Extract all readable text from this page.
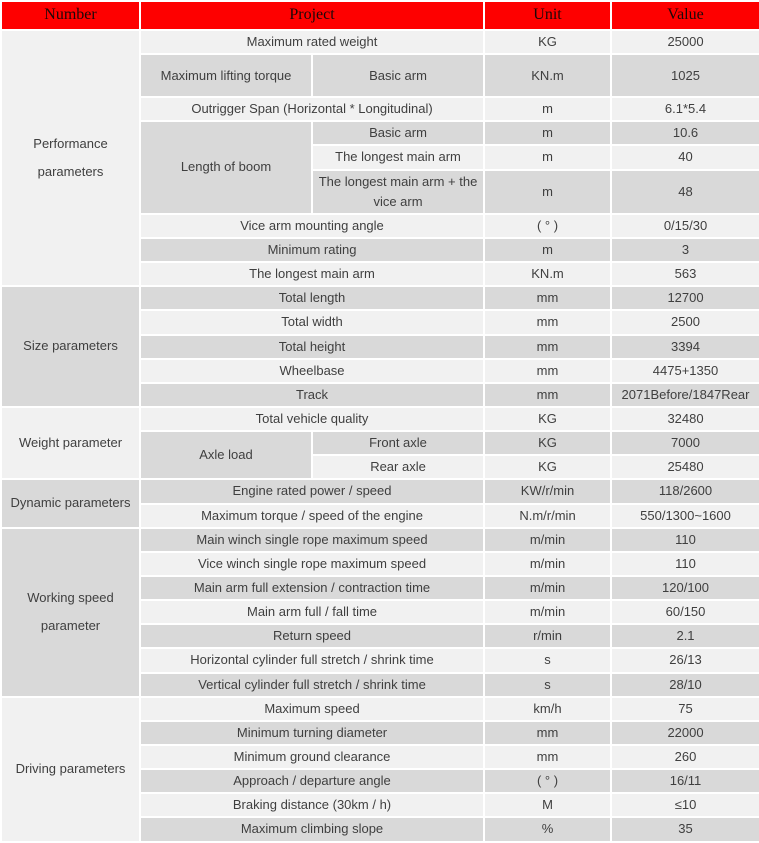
Number	Project		Unit	Value
Performance parameters	Maximum rated weight		KG	25000
	Maximum lifting torque	Basic arm	KN.m	1025
	Outrigger Span (Horizontal * Longitudinal)		m	6.1*5.4
	Length of boom	Basic arm	m	10.6
		The longest main arm	m	40
		The longest main arm + the vice arm	m	48
	Vice arm mounting angle		( ° )	0/15/30
	Minimum rating		m	3
	The longest main arm		KN.m	563
Size parameters	Total length		mm	12700
	Total width		mm	2500
	Total height		mm	3394
	Wheelbase		mm	4475+1350
	Track		mm	2071Before/1847Rear
Weight parameter	Total vehicle quality		KG	32480
	Axle load	Front axle	KG	7000
		Rear axle	KG	25480
Dynamic parameters	Engine rated power / speed		KW/r/min	118/2600
	Maximum torque / speed of the engine		N.m/r/min	550/1300~1600
Working speed parameter	Main winch single rope maximum speed		m/min	110
	Vice winch single rope maximum speed		m/min	110
	Main arm full extension / contraction time		m/min	120/100
	Main arm full / fall time		m/min	60/150
	Return speed		r/min	2.1
	Horizontal cylinder full stretch / shrink time		s	26/13
	Vertical cylinder full stretch / shrink time		s	28/10
Driving parameters	Maximum speed		km/h	75
	Minimum turning diameter		mm	22000
	Minimum ground clearance		mm	260
	Approach / departure angle		( ° )	16/11
	Braking distance (30km / h)		M	≤10
	Maximum climbing slope		%	35
